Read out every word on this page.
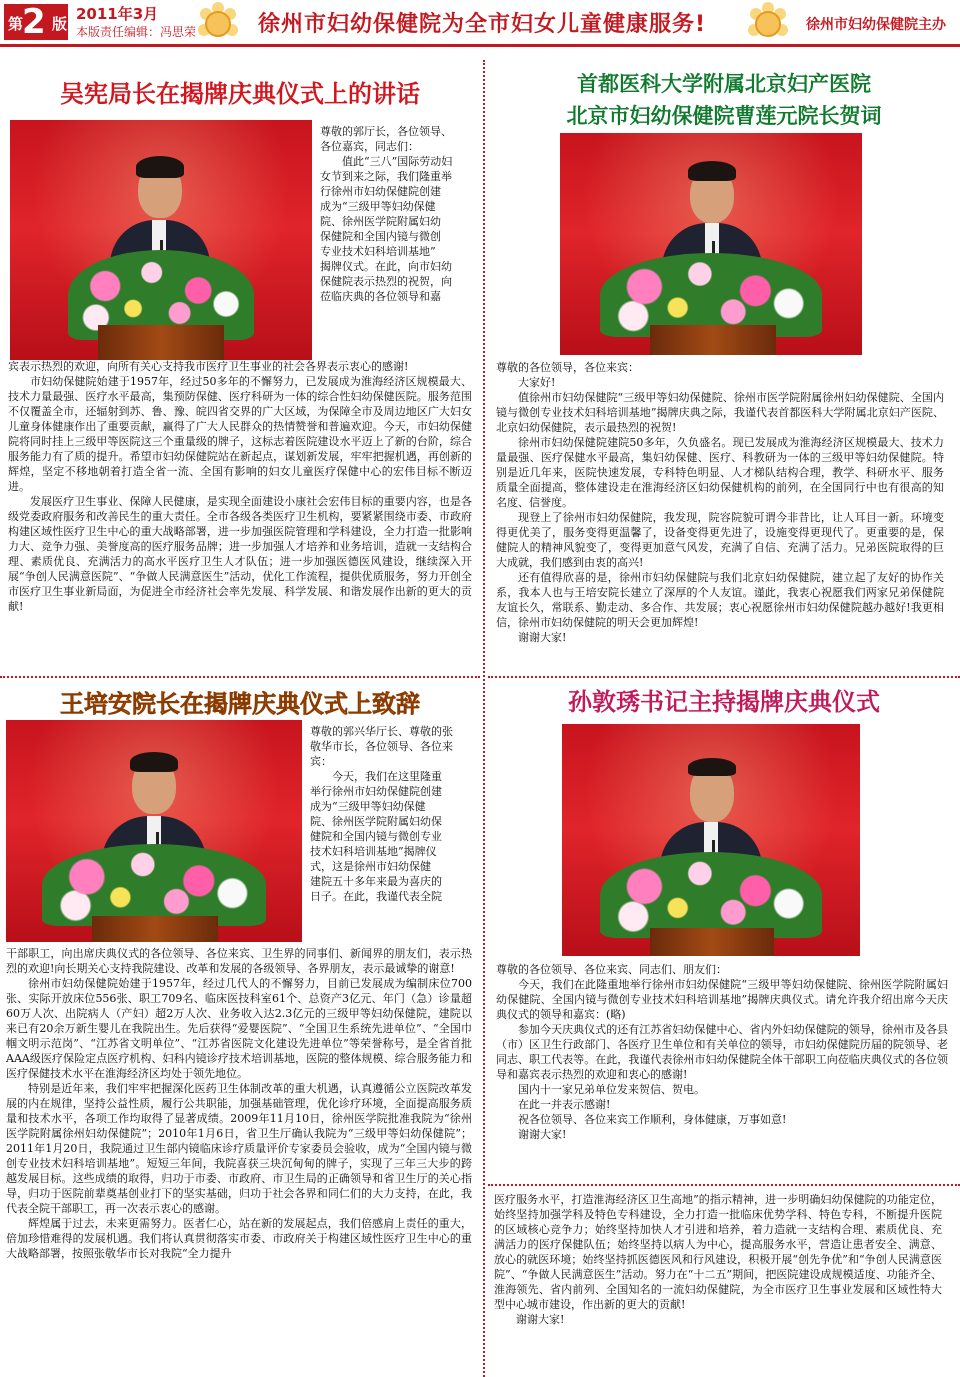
第
2 版
2011年3月
本版责任编辑：冯思荣	徐州市妇幼保健院为全市妇女儿童健康服务!	徐州市妇幼保健院主办
吴宪局长在揭牌庆典仪式上的讲话

尊敬的郭厅长，各位领导、

各位嘉宾，同志们：

值此“三八”国际劳动妇

女节到来之际，我们隆重举

行徐州市妇幼保健院创建

成为“三级甲等妇幼保健

院、徐州医学院附属妇幼

保健院和全国内镜与微创

专业技术妇科培训基地”

揭牌仪式。在此，向市妇幼

保健院表示热烈的祝贺，向

莅临庆典的各位领导和嘉

宾表示热烈的欢迎，向所有关心支持我市医疗卫生事业的社会各界表示衷心的感谢!

市妇幼保健院始建于1957年，经过50多年的不懈努力，已发展成为淮海经济区规模最大、技术力量最强、医疗水平最高，集预防保健、医疗科研为一体的综合性妇幼保健医院。服务范围不仅覆盖全市，还辐射到苏、鲁、豫、皖四省交界的广大区域，为保障全市及周边地区广大妇女儿童身体健康作出了重要贡献，赢得了广大人民群众的热情赞誉和普遍欢迎。今天，市妇幼保健院将同时挂上三级甲等医院这三个重量级的牌子，这标志着医院建设水平迈上了新的台阶，综合服务能力有了质的提升。希望市妇幼保健院站在新起点，谋划新发展，牢牢把握机遇，再创新的辉煌，坚定不移地朝着打造全省一流、全国有影响的妇女儿童医疗保健中心的宏伟目标不断迈进。

发展医疗卫生事业、保障人民健康，是实现全面建设小康社会宏伟目标的重要内容，也是各级党委政府服务和改善民生的重大责任。全市各级各类医疗卫生机构，要紧紧围绕市委、市政府构建区域性医疗卫生中心的重大战略部署，进一步加强医院管理和学科建设，全力打造一批影响力大、竞争力强、美誉度高的医疗服务品牌；进一步加强人才培养和业务培训，造就一支结构合理、素质优良、充满活力的高水平医疗卫生人才队伍；进一步加强医德医风建设，继续深入开展“争创人民满意医院”、“争做人民满意医生”活动，优化工作流程，提供优质服务，努力开创全市医疗卫生事业新局面，为促进全市经济社会率先发展、科学发展、和谐发展作出新的更大的贡献!

首都医科大学附属北京妇产医院
北京市妇幼保健院曹莲元院长贺词

尊敬的各位领导，各位来宾：

大家好!

值徐州市妇幼保健院“三级甲等妇幼保健院、徐州市医学院附属徐州妇幼保健院、全国内镜与微创专业技术妇科培训基地”揭牌庆典之际，我谨代表首都医科大学附属北京妇产医院、北京妇幼保健院，表示最热烈的祝贺!

徐州市妇幼保健院建院50多年，久负盛名。现已发展成为淮海经济区规模最大、技术力量最强、医疗保健水平最高，集妇幼保健、医疗、科教研为一体的三级甲等妇幼保健院。特别是近几年来，医院快速发展，专科特色明显、人才梯队结构合理，教学、科研水平、服务质量全面提高，整体建设走在淮海经济区妇幼保健机构的前列，在全国同行中也有很高的知名度、信誉度。

现登上了徐州市妇幼保健院，我发现，院容院貌可谓今非昔比，让人耳目一新。环境变得更优美了，服务变得更温馨了，设备变得更先进了，设施变得更现代了。更重要的是，保健院人的精神风貌变了，变得更加意气风发，充满了自信、充满了活力。兄弟医院取得的巨大成就，我们感到由衷的高兴!

还有值得欣喜的是，徐州市妇幼保健院与我们北京妇幼保健院，建立起了友好的协作关系，我本人也与王培安院长建立了深厚的个人友谊。谨此，我衷心祝愿我们两家兄弟保健院友谊长久，常联系、勤走动、多合作、共发展；衷心祝愿徐州市妇幼保健院越办越好!我更相信，徐州市妇幼保健院的明天会更加辉煌!

谢谢大家!

王培安院长在揭牌庆典仪式上致辞

尊敬的郭兴华厅长、尊敬的张

敬华市长，各位领导、各位来

宾：

今天，我们在这里隆重

举行徐州市妇幼保健院创建

成为“三级甲等妇幼保健

院、徐州医学院附属妇幼保

健院和全国内镜与微创专业

技术妇科培训基地”揭牌仪

式，这是徐州市妇幼保健

建院五十多年来最为喜庆的

日子。在此，我谨代表全院

干部职工，向出席庆典仪式的各位领导、各位来宾、卫生界的同事们、新闻界的朋友们，表示热烈的欢迎!向长期关心支持我院建设、改革和发展的各级领导、各界朋友，表示最诚挚的谢意!

徐州市妇幼保健院始建于1957年，经过几代人的不懈努力，目前已发展成为编制床位700张、实际开放床位556张、职工709名、临床医技科室61个、总资产3亿元、年门（急）诊量超60万人次、出院病人（产妇）超2万人次、业务收入达2.3亿元的三级甲等妇幼保健院，建院以来已有20余万新生婴儿在我院出生。先后获得“爱婴医院”、“全国卫生系统先进单位”、“全国巾帼文明示范岗”、“江苏省文明单位”、“江苏省医院文化建设先进单位”等荣誉称号，是全省首批AAA级医疗保险定点医疗机构、妇科内镜诊疗技术培训基地，医院的整体规模、综合服务能力和医疗保健技术水平在淮海经济区均处于领先地位。

特别是近年来，我们牢牢把握深化医药卫生体制改革的重大机遇，认真遵循公立医院改革发展的内在规律，坚持公益性质，履行公共职能，加强基础管理，优化诊疗环境，全面提高服务质量和技术水平，各项工作均取得了显著成绩。2009年11月10日，徐州医学院批准我院为“徐州医学院附属徐州妇幼保健院”；2010年1月6日，省卫生厅确认我院为“三级甲等妇幼保健院”；2011年1月20日，我院通过卫生部内镜临床诊疗质量评价专家委员会验收，成为“全国内镜与微创专业技术妇科培训基地”。短短三年间，我院喜获三块沉甸甸的牌子，实现了三年三大步的跨越发展目标。这些成绩的取得，归功于市委、市政府、市卫生局的正确领导和省卫生厅的关心指导，归功于医院前辈奠基创业打下的坚实基础，归功于社会各界和同仁们的大力支持，在此，我代表全院干部职工，再一次表示衷心的感谢。

辉煌属于过去，未来更需努力。医者仁心，站在新的发展起点，我们倍感肩上责任的重大，倍加珍惜难得的发展机遇。我们将认真贯彻落实市委、市政府关于构建区域性医疗卫生中心的重大战略部署，按照张敬华市长对我院“全力提升

孙敦琇书记主持揭牌庆典仪式

尊敬的各位领导、各位来宾、同志们、朋友们：

今天，我们在此隆重地举行徐州市妇幼保健院“三级甲等妇幼保健院、徐州医学院附属妇幼保健院、全国内镜与微创专业技术妇科培训基地”揭牌庆典仪式。请允许我介绍出席今天庆典仪式的领导和嘉宾：(略)

参加今天庆典仪式的还有江苏省妇幼保健中心、省内外妇幼保健院的领导，徐州市及各县（市）区卫生行政部门、各医疗卫生单位和有关单位的领导，市妇幼保健院历届的院领导、老同志、职工代表等。在此，我谨代表徐州市妇幼保健院全体干部职工向莅临庆典仪式的各位领导和嘉宾表示热烈的欢迎和衷心的感谢!

国内十一家兄弟单位发来贺信、贺电。

在此一并表示感谢!

祝各位领导、各位来宾工作顺利，身体健康，万事如意!

谢谢大家!

医疗服务水平，打造淮海经济区卫生高地”的指示精神，进一步明确妇幼保健院的功能定位，始终坚持加强学科及特色专科建设，全力打造一批临床优势学科、特色专科，不断提升医院的区域核心竞争力；始终坚持加快人才引进和培养，着力造就一支结构合理、素质优良、充满活力的医疗保健队伍；始终坚持以病人为中心，提高服务水平，营造让患者安全、满意、放心的就医环境；始终坚持抓医德医风和行风建设，积极开展“创先争优”和“争创人民满意医院”、“争做人民满意医生”活动。努力在“十二五”期间，把医院建设成规模适度、功能齐全、淮海领先、省内前列、全国知名的一流妇幼保健院，为全市医疗卫生事业发展和区域性特大型中心城市建设，作出新的更大的贡献!

谢谢大家!
